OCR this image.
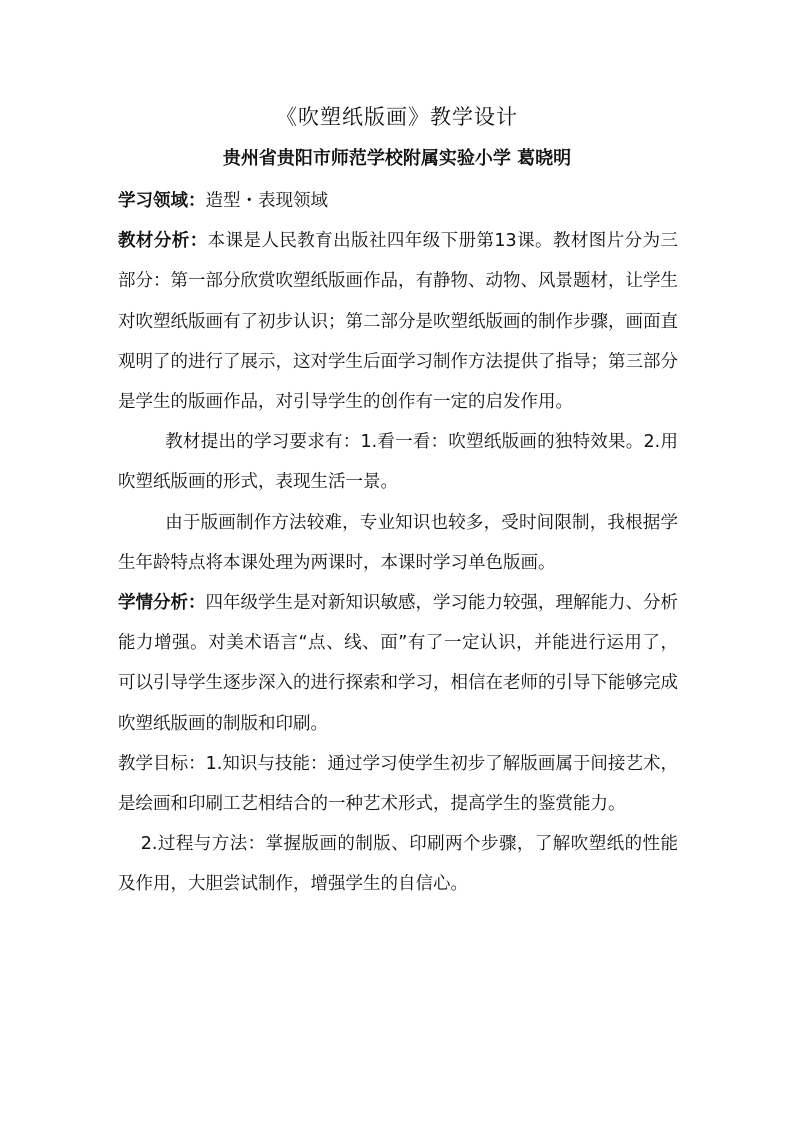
《吹塑纸版画》教学设计
贵州省贵阳市师范学校附属实验小学 葛晓明

学习领域：造型・表现领域

教材分析：本课是人民教育出版社四年级下册第13课。教材图片分为三部分：第一部分欣赏吹塑纸版画作品，有静物、动物、风景题材，让学生对吹塑纸版画有了初步认识；第二部分是吹塑纸版画的制作步骤，画面直观明了的进行了展示，这对学生后面学习制作方法提供了指导；第三部分是学生的版画作品，对引导学生的创作有一定的启发作用。

教材提出的学习要求有：1.看一看：吹塑纸版画的独特效果。2.用吹塑纸版画的形式，表现生活一景。

由于版画制作方法较难，专业知识也较多，受时间限制，我根据学生年龄特点将本课处理为两课时，本课时学习单色版画。

学情分析：四年级学生是对新知识敏感，学习能力较强，理解能力、分析能力增强。对美术语言“点、线、面”有了一定认识，并能进行运用了，可以引导学生逐步深入的进行探索和学习，相信在老师的引导下能够完成吹塑纸版画的制版和印刷。

教学目标：1.知识与技能：通过学习使学生初步了解版画属于间接艺术，是绘画和印刷工艺相结合的一种艺术形式，提高学生的鉴赏能力。

2.过程与方法：掌握版画的制版、印刷两个步骤，了解吹塑纸的性能及作用，大胆尝试制作，增强学生的自信心。
